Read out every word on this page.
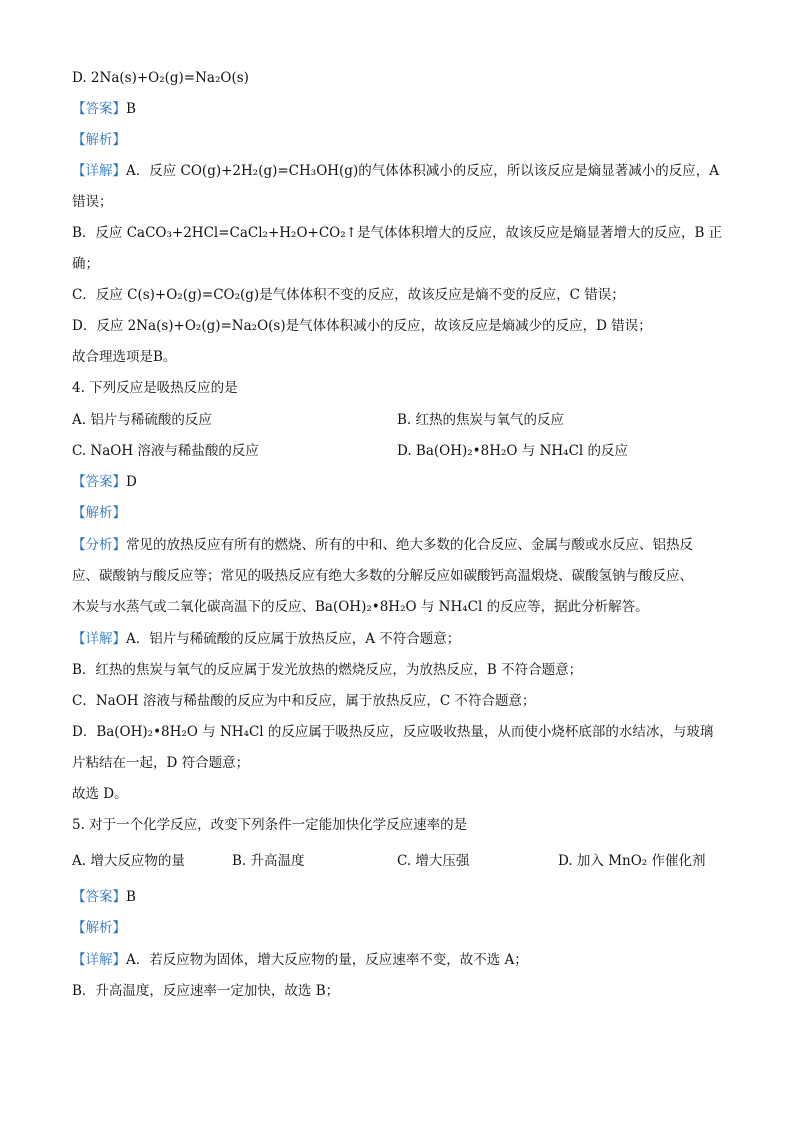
D. 2Na(s)+O₂(g)=Na₂O(s)
【答案】B
【解析】
【详解】A．反应 CO(g)+2H₂(g)=CH₃OH(g)的气体体积减小的反应，所以该反应是熵显著减小的反应，A
错误；
B．反应 CaCO₃+2HCl=CaCl₂+H₂O+CO₂↑是气体体积增大的反应，故该反应是熵显著增大的反应，B 正
确；
C．反应 C(s)+O₂(g)=CO₂(g)是气体体积不变的反应，故该反应是熵不变的反应，C 错误；
D．反应 2Na(s)+O₂(g)=Na₂O(s)是气体体积减小的反应，故该反应是熵减少的反应，D 错误；
故合理选项是B。
4. 下列反应是吸热反应的是
A. 铝片与稀硫酸的反应	B. 红热的焦炭与氧气的反应
C. NaOH 溶液与稀盐酸的反应	D. Ba(OH)₂•8H₂O 与 NH₄Cl 的反应
【答案】D
【解析】
【分析】常见的放热反应有所有的燃烧、所有的中和、绝大多数的化合反应、金属与酸或水反应、铝热反
应、碳酸钠与酸反应等；常见的吸热反应有绝大多数的分解反应如碳酸钙高温煅烧、碳酸氢钠与酸反应、
木炭与水蒸气或二氧化碳高温下的反应、Ba(OH)₂•8H₂O 与 NH₄Cl 的反应等，据此分析解答。
【详解】A．铝片与稀硫酸的反应属于放热反应，A 不符合题意；
B．红热的焦炭与氧气的反应属于发光放热的燃烧反应，为放热反应，B 不符合题意；
C．NaOH 溶液与稀盐酸的反应为中和反应，属于放热反应，C 不符合题意；
D．Ba(OH)₂•8H₂O 与 NH₄Cl 的反应属于吸热反应，反应吸收热量，从而使小烧杯底部的水结冰，与玻璃
片粘结在一起，D 符合题意；
故选 D。
5. 对于一个化学反应，改变下列条件一定能加快化学反应速率的是
A. 增大反应物的量	B. 升高温度	C. 增大压强	D. 加入 MnO₂ 作催化剂
【答案】B
【解析】
【详解】A．若反应物为固体，增大反应物的量，反应速率不变，故不选 A；
B．升高温度，反应速率一定加快，故选 B；
